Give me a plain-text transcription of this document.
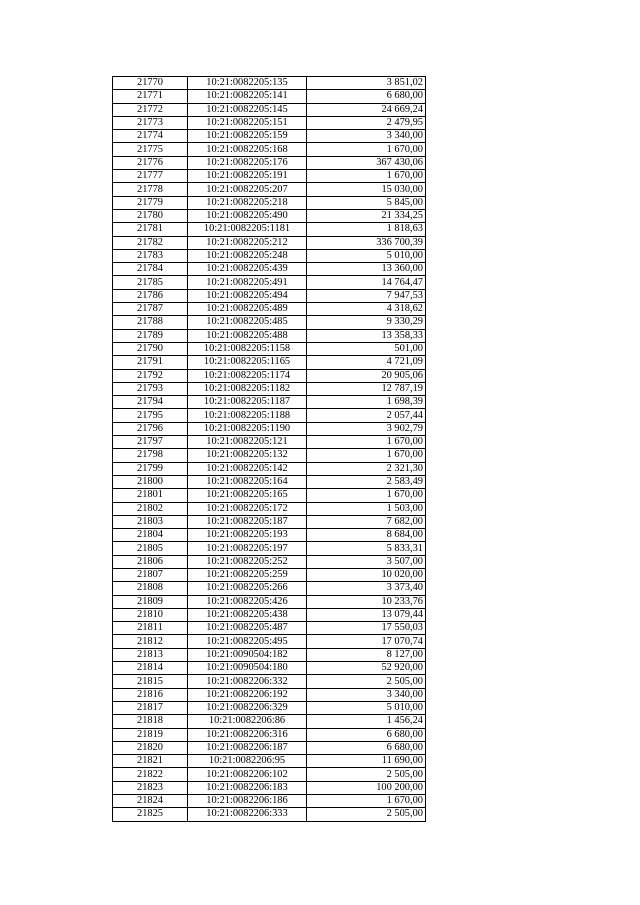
21770	10:21:0082205:135	3 851,02
21771	10:21:0082205:141	6 680,00
21772	10:21:0082205:145	24 669,24
21773	10:21:0082205:151	2 479,95
21774	10:21:0082205:159	3 340,00
21775	10:21:0082205:168	1 670,00
21776	10:21:0082205:176	367 430,06
21777	10:21:0082205:191	1 670,00
21778	10:21:0082205:207	15 030,00
21779	10:21:0082205:218	5 845,00
21780	10:21:0082205:490	21 334,25
21781	10:21:0082205:1181	1 818,63
21782	10:21:0082205:212	336 700,39
21783	10:21:0082205:248	5 010,00
21784	10:21:0082205:439	13 360,00
21785	10:21:0082205:491	14 764,47
21786	10:21:0082205:494	7 947,53
21787	10:21:0082205:489	4 318,62
21788	10:21:0082205:485	9 330,29
21789	10:21:0082205:488	13 358,33
21790	10:21:0082205:1158	501,00
21791	10:21:0082205:1165	4 721,09
21792	10:21:0082205:1174	20 905,06
21793	10:21:0082205:1182	12 787,19
21794	10:21:0082205:1187	1 698,39
21795	10:21:0082205:1188	2 057,44
21796	10:21:0082205:1190	3 902,79
21797	10:21:0082205:121	1 670,00
21798	10:21:0082205:132	1 670,00
21799	10:21:0082205:142	2 321,30
21800	10:21:0082205:164	2 583,49
21801	10:21:0082205:165	1 670,00
21802	10:21:0082205:172	1 503,00
21803	10:21:0082205:187	7 682,00
21804	10:21:0082205:193	8 684,00
21805	10:21:0082205:197	5 833,31
21806	10:21:0082205:252	3 507,00
21807	10:21:0082205:259	10 020,00
21808	10:21:0082205:266	3 373,40
21809	10:21:0082205:426	10 233,76
21810	10:21:0082205:438	13 079,44
21811	10:21:0082205:487	17 550,03
21812	10:21:0082205:495	17 070,74
21813	10:21:0090504:182	8 127,00
21814	10:21:0090504:180	52 920,00
21815	10:21:0082206:332	2 505,00
21816	10:21:0082206:192	3 340,00
21817	10:21:0082206:329	5 010,00
21818	10:21:0082206:86	1 456,24
21819	10:21:0082206:316	6 680,00
21820	10:21:0082206:187	6 680,00
21821	10:21:0082206:95	11 690,00
21822	10:21:0082206:102	2 505,00
21823	10:21:0082206:183	100 200,00
21824	10:21:0082206:186	1 670,00
21825	10:21:0082206:333	2 505,00
